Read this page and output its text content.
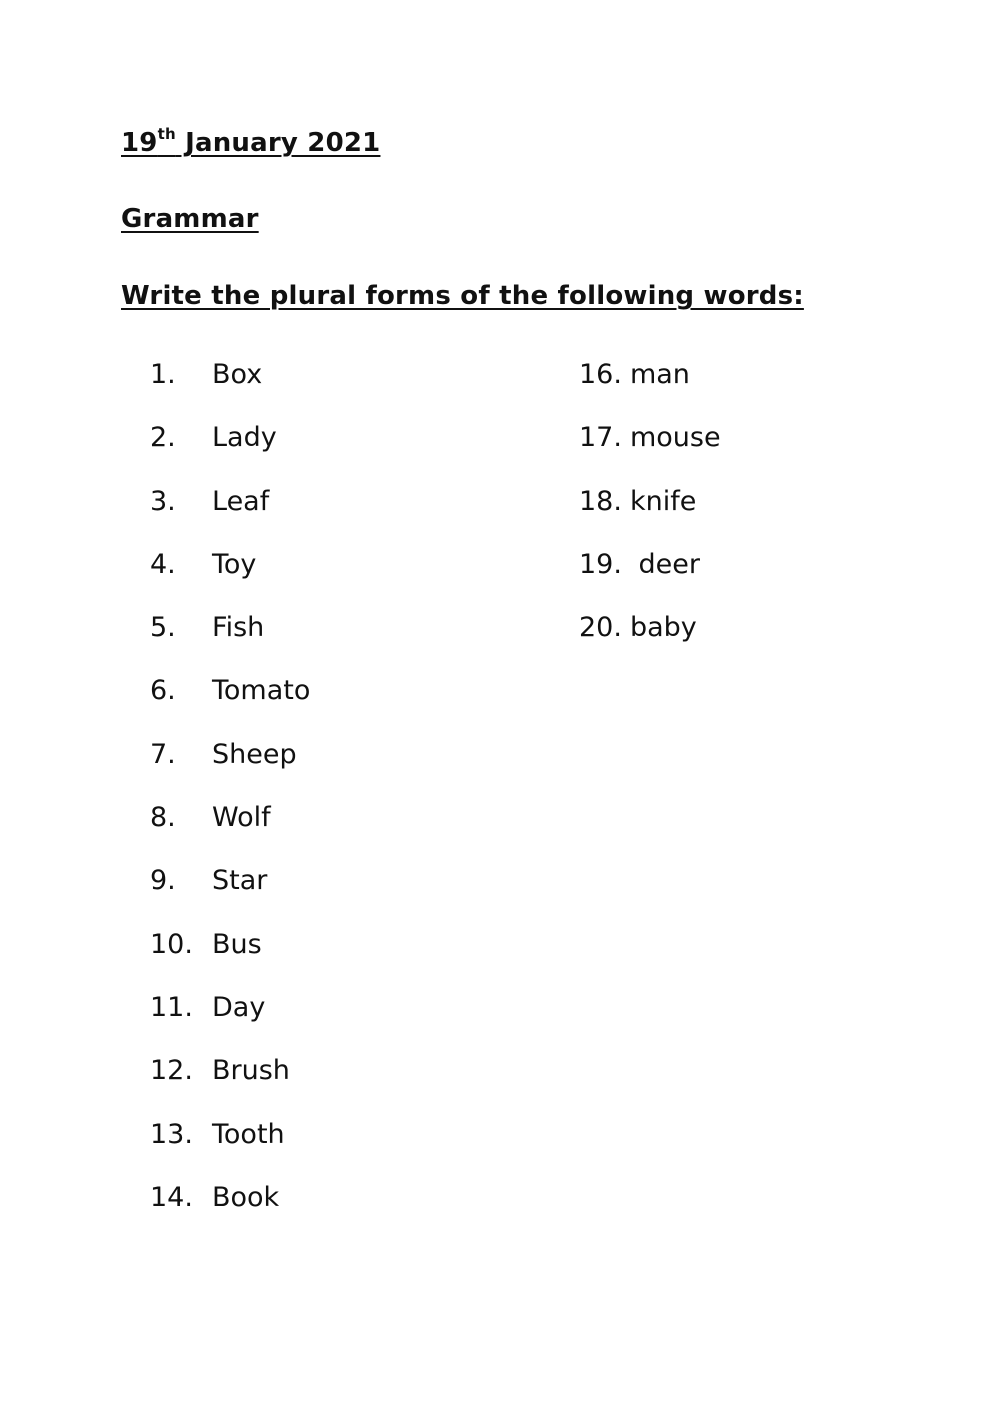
19th January 2021
Grammar
Write the plural forms of the following words:
1.	Box
2.	Lady
3.	Leaf
4.	Toy
5.	Fish
6.	Tomato
7.	Sheep
8.	Wolf
9.	Star
10. Bus
11. Day
12. Brush
13. Tooth
14. Book
16. man
17. mouse
18. knife
19. deer
20. baby
